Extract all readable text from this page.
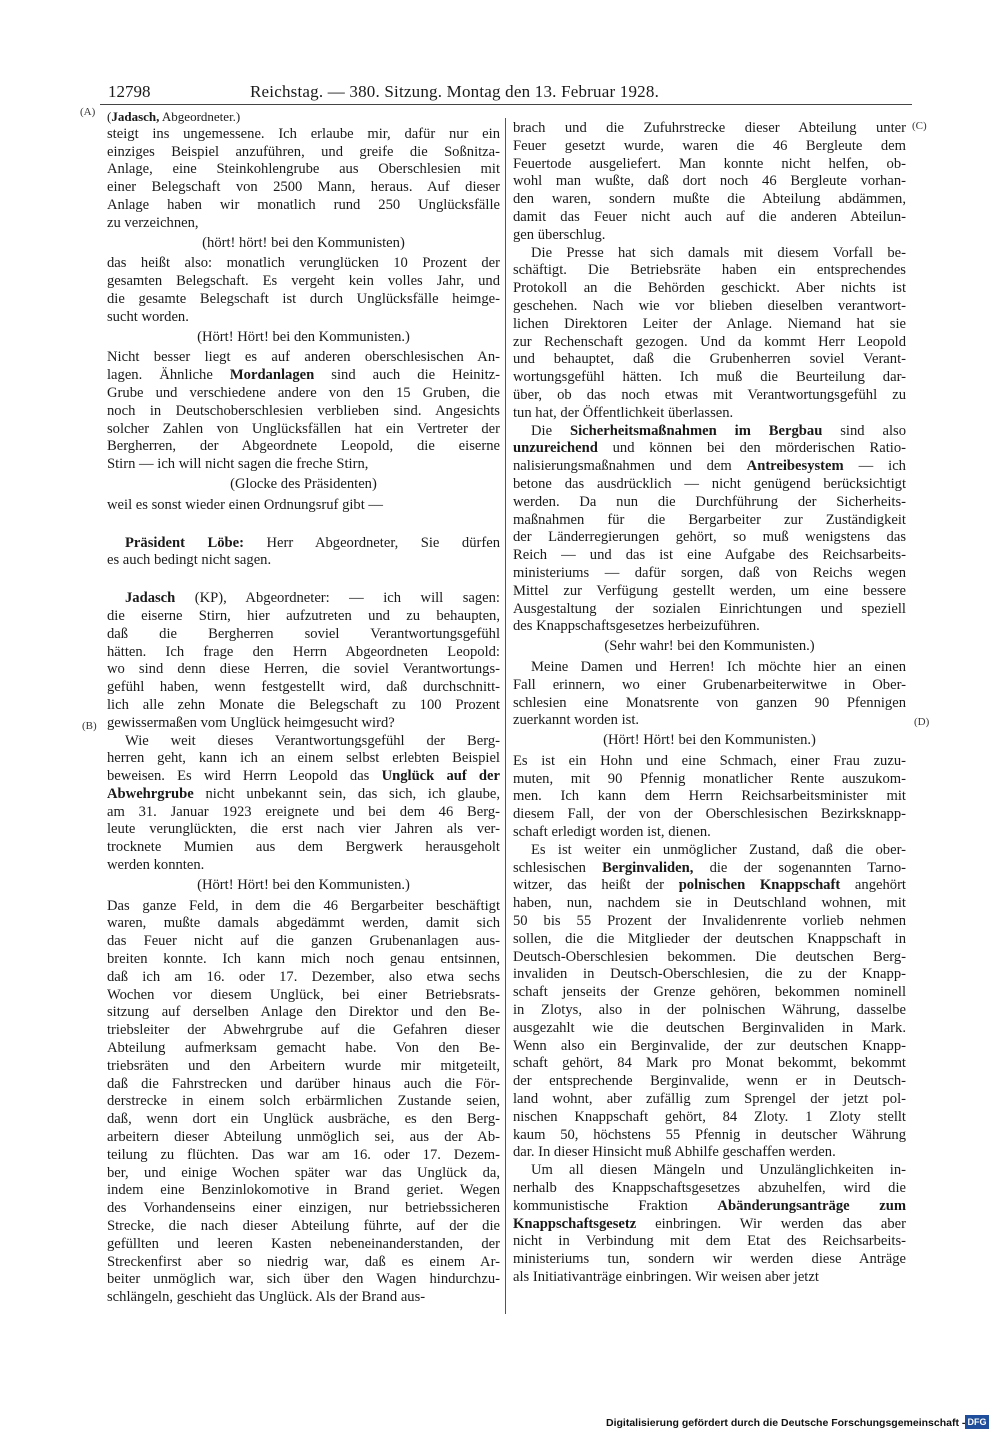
12798	Reichstag. — 380. Sitzung. Montag den 13. Februar 1928.
(A)
(B)
(C)
(D)
(Jadasch, Abgeordneter.)
steigt ins ungemessene. Ich erlaube mir, dafür nur ein
einziges Beispiel anzuführen, und greife die Soßnitza-
Anlage, eine Steinkohlengrube aus Oberschlesien mit
einer Belegschaft von 2500 Mann, heraus. Auf dieser
Anlage haben wir monatlich rund 250 Unglücksfälle
zu verzeichnen,
(hört! hört! bei den Kommunisten)
das heißt also: monatlich verunglücken 10 Prozent der
gesamten Belegschaft. Es vergeht kein volles Jahr, und
die gesamte Belegschaft ist durch Unglücksfälle heimge-
sucht worden.
(Hört! Hört! bei den Kommunisten.)
Nicht besser liegt es auf anderen oberschlesischen An-
lagen. Ähnliche Mordanlagen sind auch die Heinitz-
Grube und verschiedene andere von den 15 Gruben, die
noch in Deutschoberschlesien verblieben sind. Angesichts
solcher Zahlen von Unglücksfällen hat ein Vertreter der
Bergherren, der Abgeordnete Leopold, die eiserne
Stirn — ich will nicht sagen die freche Stirn,
(Glocke des Präsidenten)
weil es sonst wieder einen Ordnungsruf gibt —
Präsident Löbe: Herr Abgeordneter, Sie dürfen
es auch bedingt nicht sagen.
Jadasch (KP), Abgeordneter: — ich will sagen:
die eiserne Stirn, hier aufzutreten und zu behaupten,
daß die Bergherren soviel Verantwortungsgefühl
hätten. Ich frage den Herrn Abgeordneten Leopold:
wo sind denn diese Herren, die soviel Verantwortungs-
gefühl haben, wenn festgestellt wird, daß durchschnitt-
lich alle zehn Monate die Belegschaft zu 100 Prozent
gewissermaßen vom Unglück heimgesucht wird?
Wie weit dieses Verantwortungsgefühl der Berg-
herren geht, kann ich an einem selbst erlebten Beispiel
beweisen. Es wird Herrn Leopold das Unglück auf der
Abwehrgrube nicht unbekannt sein, das sich, ich glaube,
am 31. Januar 1923 ereignete und bei dem 46 Berg-
leute verunglückten, die erst nach vier Jahren als ver-
trocknete Mumien aus dem Bergwerk herausgeholt
werden konnten.
(Hört! Hört! bei den Kommunisten.)
Das ganze Feld, in dem die 46 Bergarbeiter beschäftigt
waren, mußte damals abgedämmt werden, damit sich
das Feuer nicht auf die ganzen Grubenanlagen aus-
breiten konnte. Ich kann mich noch genau entsinnen,
daß ich am 16. oder 17. Dezember, also etwa sechs
Wochen vor diesem Unglück, bei einer Betriebsrats-
sitzung auf derselben Anlage den Direktor und den Be-
triebsleiter der Abwehrgrube auf die Gefahren dieser
Abteilung aufmerksam gemacht habe. Von den Be-
triebsräten und den Arbeitern wurde mir mitgeteilt,
daß die Fahrstrecken und darüber hinaus auch die För-
derstrecke in einem solch erbärmlichen Zustande seien,
daß, wenn dort ein Unglück ausbräche, es den Berg-
arbeitern dieser Abteilung unmöglich sei, aus der Ab-
teilung zu flüchten. Das war am 16. oder 17. Dezem-
ber, und einige Wochen später war das Unglück da,
indem eine Benzinlokomotive in Brand geriet. Wegen
des Vorhandenseins einer einzigen, nur betriebssicheren
Strecke, die nach dieser Abteilung führte, auf der die
gefüllten und leeren Kasten nebeneinanderstanden, der
Streckenfirst aber so niedrig war, daß es einem Ar-
beiter unmöglich war, sich über den Wagen hindurchzu-
schlängeln, geschieht das Unglück. Als der Brand aus-
brach und die Zufuhrstrecke dieser Abteilung unter
Feuer gesetzt wurde, waren die 46 Bergleute dem
Feuertode ausgeliefert. Man konnte nicht helfen, ob-
wohl man wußte, daß dort noch 46 Bergleute vorhan-
den waren, sondern mußte die Abteilung abdämmen,
damit das Feuer nicht auch auf die anderen Abteilun-
gen überschlug.
Die Presse hat sich damals mit diesem Vorfall be-
schäftigt. Die Betriebsräte haben ein entsprechendes
Protokoll an die Behörden geschickt. Aber nichts ist
geschehen. Nach wie vor blieben dieselben verantwort-
lichen Direktoren Leiter der Anlage. Niemand hat sie
zur Rechenschaft gezogen. Und da kommt Herr Leopold
und behauptet, daß die Grubenherren soviel Verant-
wortungsgefühl hätten. Ich muß die Beurteilung dar-
über, ob das noch etwas mit Verantwortungsgefühl zu
tun hat, der Öffentlichkeit überlassen.
Die Sicherheitsmaßnahmen im Bergbau sind also
unzureichend und können bei den mörderischen Ratio-
nalisierungsmaßnahmen und dem Antreibesystem — ich
betone das ausdrücklich — nicht genügend berücksichtigt
werden. Da nun die Durchführung der Sicherheits-
maßnahmen für die Bergarbeiter zur Zuständigkeit
der Länderregierungen gehört, so muß wenigstens das
Reich — und das ist eine Aufgabe des Reichsarbeits-
ministeriums — dafür sorgen, daß von Reichs wegen
Mittel zur Verfügung gestellt werden, um eine bessere
Ausgestaltung der sozialen Einrichtungen und speziell
des Knappschaftsgesetzes herbeizuführen.
(Sehr wahr! bei den Kommunisten.)
Meine Damen und Herren! Ich möchte hier an einen
Fall erinnern, wo einer Grubenarbeiterwitwe in Ober-
schlesien eine Monatsrente von ganzen 90 Pfennigen
zuerkannt worden ist.
(Hört! Hört! bei den Kommunisten.)
Es ist ein Hohn und eine Schmach, einer Frau zuzu-
muten, mit 90 Pfennig monatlicher Rente auszukom-
men. Ich kann dem Herrn Reichsarbeitsminister mit
diesem Fall, der von der Oberschlesischen Bezirksknapp-
schaft erledigt worden ist, dienen.
Es ist weiter ein unmöglicher Zustand, daß die ober-
schlesischen Berginvaliden, die der sogenannten Tarno-
witzer, das heißt der polnischen Knappschaft angehört
haben, nun, nachdem sie in Deutschland wohnen, mit
50 bis 55 Prozent der Invalidenrente vorlieb nehmen
sollen, die die Mitglieder der deutschen Knappschaft in
Deutsch-Oberschlesien bekommen. Die deutschen Berg-
invaliden in Deutsch-Oberschlesien, die zu der Knapp-
schaft jenseits der Grenze gehören, bekommen nominell
in Zlotys, also in der polnischen Währung, dasselbe
ausgezahlt wie die deutschen Berginvaliden in Mark.
Wenn also ein Berginvalide, der zur deutschen Knapp-
schaft gehört, 84 Mark pro Monat bekommt, bekommt
der entsprechende Berginvalide, wenn er in Deutsch-
land wohnt, aber zufällig zum Sprengel der jetzt pol-
nischen Knappschaft gehört, 84 Zloty. 1 Zloty stellt
kaum 50, höchstens 55 Pfennig in deutscher Währung
dar. In dieser Hinsicht muß Abhilfe geschaffen werden.
Um all diesen Mängeln und Unzulänglichkeiten in-
nerhalb des Knappschaftsgesetzes abzuhelfen, wird die
kommunistische Fraktion Abänderungsanträge zum
Knappschaftsgesetz einbringen. Wir werden das aber
nicht in Verbindung mit dem Etat des Reichsarbeits-
ministeriums tun, sondern wir werden diese Anträge
als Initiativanträge einbringen. Wir weisen aber jetzt
Digitalisierung gefördert durch die Deutsche Forschungsgemeinschaft - DFG
